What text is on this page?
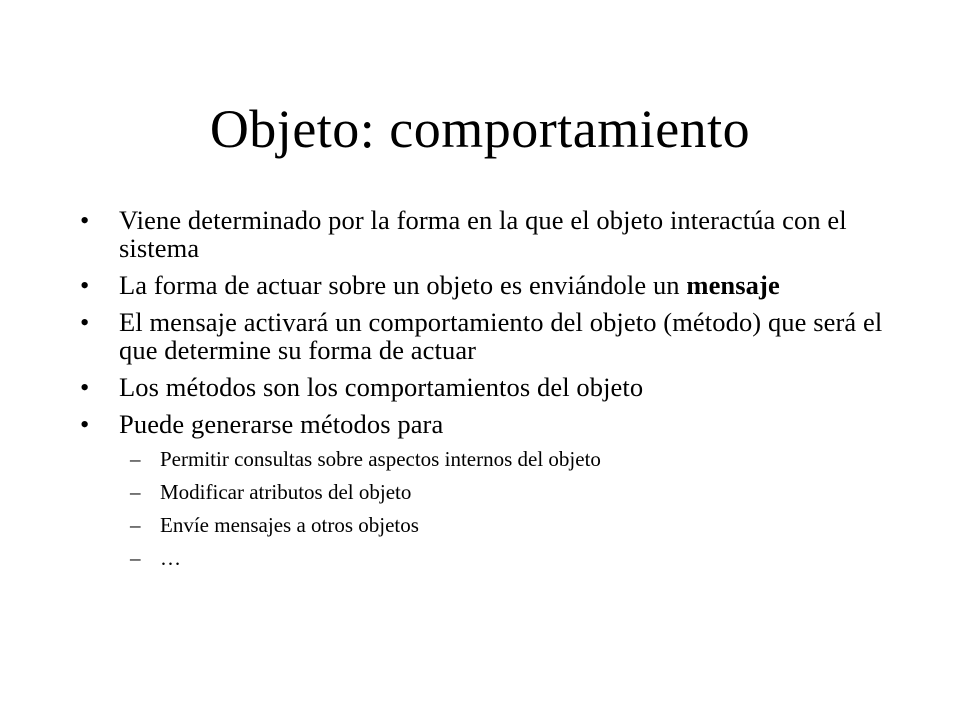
Objeto: comportamiento
• Viene determinado por la forma en la que el objeto interactúa con el sistema
• La forma de actuar sobre un objeto es enviándole un mensaje
• El mensaje activará un comportamiento del objeto (método) que será el que determine su forma de actuar
• Los métodos son los comportamientos del objeto
• Puede generarse métodos para
– Permitir consultas sobre aspectos internos del objeto
– Modificar atributos del objeto
– Envíe mensajes a otros objetos
– …
